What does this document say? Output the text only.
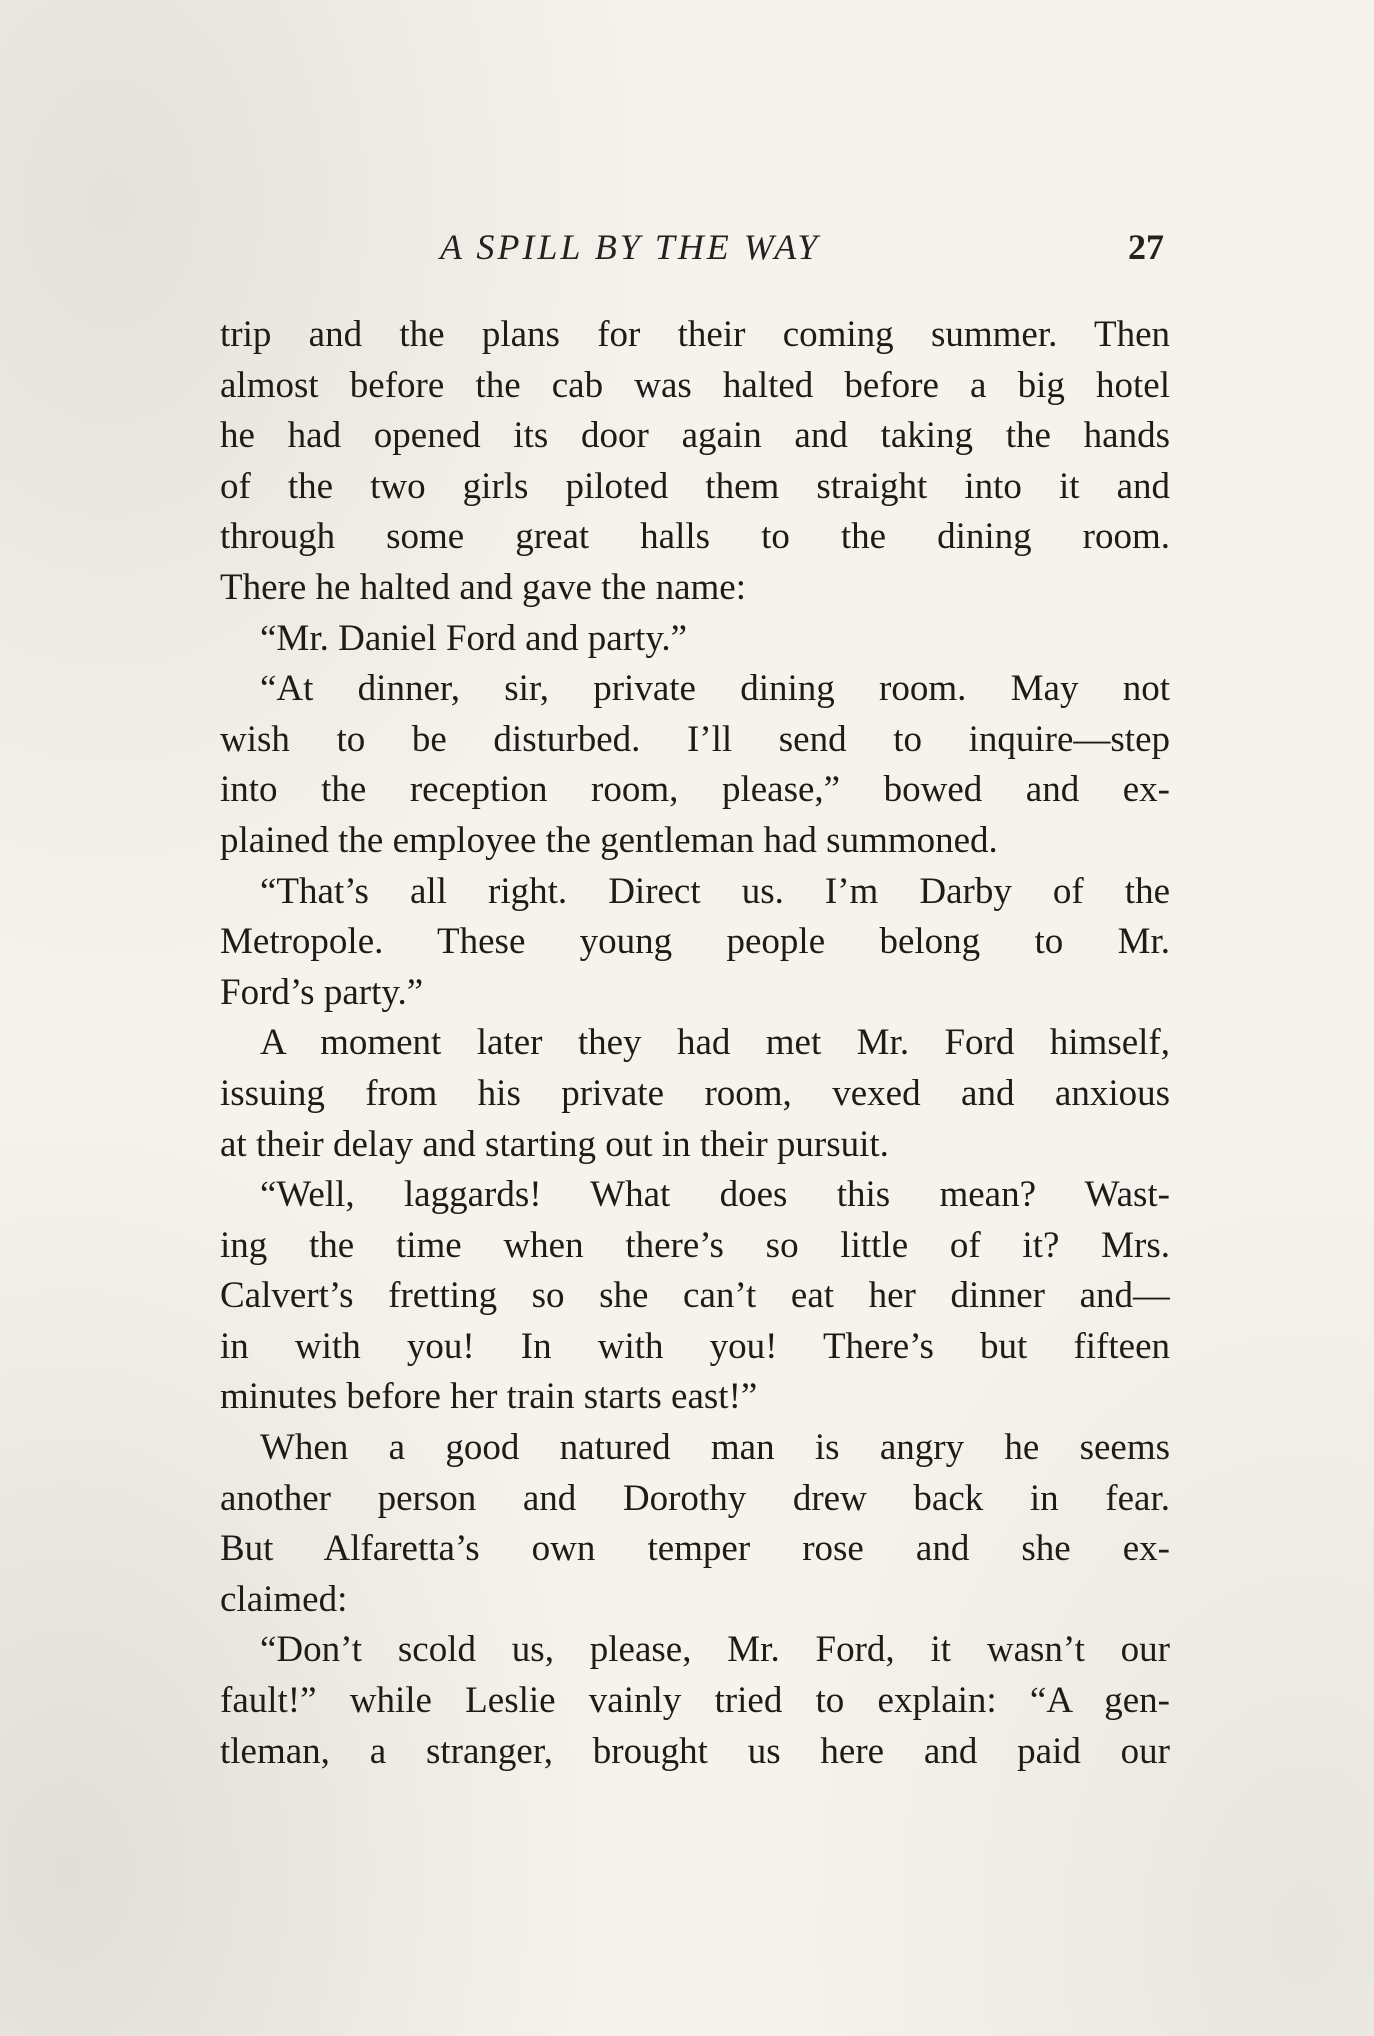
A SPILL BY THE WAY	27
trip and the plans for their coming summer. Then
almost before the cab was halted before a big hotel
he had opened its door again and taking the hands
of the two girls piloted them straight into it and
through some great halls to the dining room.
There he halted and gave the name:
“Mr. Daniel Ford and party.”
“At dinner, sir, private dining room. May not
wish to be disturbed. I’ll send to inquire—step
into the reception room, please,” bowed and ex-
plained the employee the gentleman had summoned.
“That’s all right. Direct us. I’m Darby of the
Metropole. These young people belong to Mr.
Ford’s party.”
A moment later they had met Mr. Ford himself,
issuing from his private room, vexed and anxious
at their delay and starting out in their pursuit.
“Well, laggards! What does this mean? Wast-
ing the time when there’s so little of it? Mrs.
Calvert’s fretting so she can’t eat her dinner and—
in with you! In with you! There’s but fifteen
minutes before her train starts east!”
When a good natured man is angry he seems
another person and Dorothy drew back in fear.
But Alfaretta’s own temper rose and she ex-
claimed:
“Don’t scold us, please, Mr. Ford, it wasn’t our
fault!” while Leslie vainly tried to explain: “A gen-
tleman, a stranger, brought us here and paid our
